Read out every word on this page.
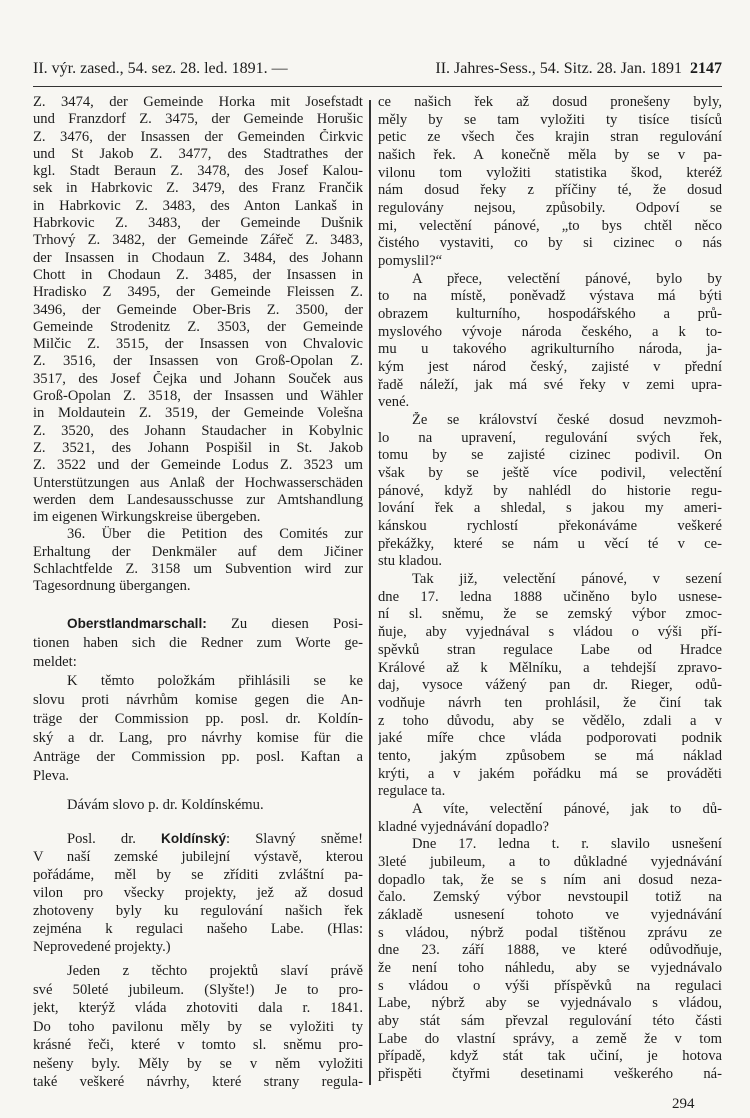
II. výr. zased., 54. sez. 28. led. 1891. —	II. Jahres-Sess., 54. Sitz. 28. Jan. 1891 2147
Z. 3474, der Gemeinde Horka mit Josefstadt
und Franzdorf Z. 3475, der Gemeinde Horušic
Z. 3476, der Insassen der Gemeinden Čirkvic
und St Jakob Z. 3477, des Stadtrathes der
kgl. Stadt Beraun Z. 3478, des Josef Kalou-
sek in Habrkovic Z. 3479, des Franz Frančik
in Habrkovic Z. 3483, des Anton Lankaš in
Habrkovic Z. 3483, der Gemeinde Dušnik
Trhový Z. 3482, der Gemeinde Zářeč Z. 3483,
der Insassen in Chodaun Z. 3484, des Johann
Chott in Chodaun Z. 3485, der Insassen in
Hradisko Z 3495, der Gemeinde Fleissen Z.
3496, der Gemeinde Ober-Bris Z. 3500, der
Gemeinde Strodenitz Z. 3503, der Gemeinde
Milčic Z. 3515, der Insassen von Chvalovic
Z. 3516, der Insassen von Groß-Opolan Z.
3517, des Josef Čejka und Johann Souček aus
Groß-Opolan Z. 3518, der Insassen und Wähler
in Moldautein Z. 3519, der Gemeinde Volešna
Z. 3520, des Johann Staudacher in Kobylnic
Z. 3521, des Johann Pospišil in St. Jakob
Z. 3522 und der Gemeinde Lodus Z. 3523 um
Unterstützungen aus Anlaß der Hochwasserschäden
werden dem Landesausschusse zur Amtshandlung
im eigenen Wirkungskreise übergeben.
36. Über die Petition des Comités zur
Erhaltung der Denkmäler auf dem Jičiner
Schlachtfelde Z. 3158 um Subvention wird zur
Tagesordnung übergangen.
Oberstlandmarschall: Zu diesen Posi-
tionen haben sich die Redner zum Worte ge-
meldet:
K těmto položkám přihlásili se ke
slovu proti návrhům komise gegen die An-
träge der Commission pp. posl. dr. Koldín-
ský a dr. Lang, pro návrhy komise für die
Anträge der Commission pp. posl. Kaftan a
Pleva.
Dávám slovo p. dr. Koldínskému.
Posl. dr. Koldínský: Slavný sněme!
V naší zemské jubilejní výstavě, kterou
pořádáme, měl by se zříditi zvláštní pa-
vilon pro všecky projekty, jež až dosud
zhotoveny byly ku regulování našich řek
zejména k regulaci našeho Labe. (Hlas:
Neprovedené projekty.)
Jeden z těchto projektů slaví právě
své 50leté jubileum. (Slyšte!) Je to pro-
jekt, kterýž vláda zhotoviti dala r. 1841.
Do toho pavilonu měly by se vyložiti ty
krásné řeči, které v tomto sl. sněmu pro-
nešeny byly. Měly by se v něm vyložiti
také veškeré návrhy, které strany regula-
ce našich řek až dosud pronešeny byly,
měly by se tam vyložiti ty tisíce tisíců
petic ze všech čes krajin stran regulování
našich řek. A konečně měla by se v pa-
vilonu tom vyložiti statistika škod, kteréž
nám dosud řeky z příčiny té, že dosud
regulovány nejsou, způsobily. Odpoví se
mi, velectění pánové, „to bys chtěl něco
čistého vystaviti, co by si cizinec o nás
pomyslil?“
A přece, velectění pánové, bylo by
to na místě, poněvadž výstava má býti
obrazem kulturního, hospodářského a prů-
myslového vývoje národa českého, a k to-
mu u takového agrikulturního národa, ja-
kým jest národ český, zajisté v přední
řadě náleží, jak má své řeky v zemi upra-
vené.
Že se království české dosud nevzmoh-
lo na upravení, regulování svých řek,
tomu by se zajisté cizinec podivil. On
však by se ještě více podivil, velectění
pánové, když by nahlédl do historie regu-
lování řek a shledal, s jakou my ameri-
kánskou rychlostí překonáváme veškeré
překážky, které se nám u věcí té v ce-
stu kladou.
Tak již, velectění pánové, v sezení
dne 17. ledna 1888 učiněno bylo usnese-
ní sl. sněmu, že se zemský výbor zmoc-
ňuje, aby vyjednával s vládou o výši pří-
spěvků stran regulace Labe od Hradce
Králové až k Mělníku, a tehdejší zpravo-
daj, vysoce vážený pan dr. Rieger, odů-
vodňuje návrh ten prohlásil, že činí tak
z toho důvodu, aby se vědělo, zdali a v
jaké míře chce vláda podporovati podnik
tento, jakým způsobem se má náklad
krýti, a v jakém pořádku má se prováděti
regulace ta.
A víte, velectění pánové, jak to dů-
kladné vyjednávání dopadlo?
Dne 17. ledna t. r. slavilo usnešení
3leté jubileum, a to důkladné vyjednávání
dopadlo tak, že se s ním ani dosud neza-
čalo. Zemský výbor nevstoupil totiž na
základě usnesení tohoto ve vyjednávání
s vládou, nýbrž podal tištěnou zprávu ze
dne 23. září 1888, ve které odůvodňuje,
že není toho náhledu, aby se vyjednávalo
s vládou o výši příspěvků na regulaci
Labe, nýbrž aby se vyjednávalo s vládou,
aby stát sám převzal regulování této části
Labe do vlastní správy, a země že v tom
případě, když stát tak učiní, je hotova
přispěti čtyřmi desetinami veškerého ná-
294
